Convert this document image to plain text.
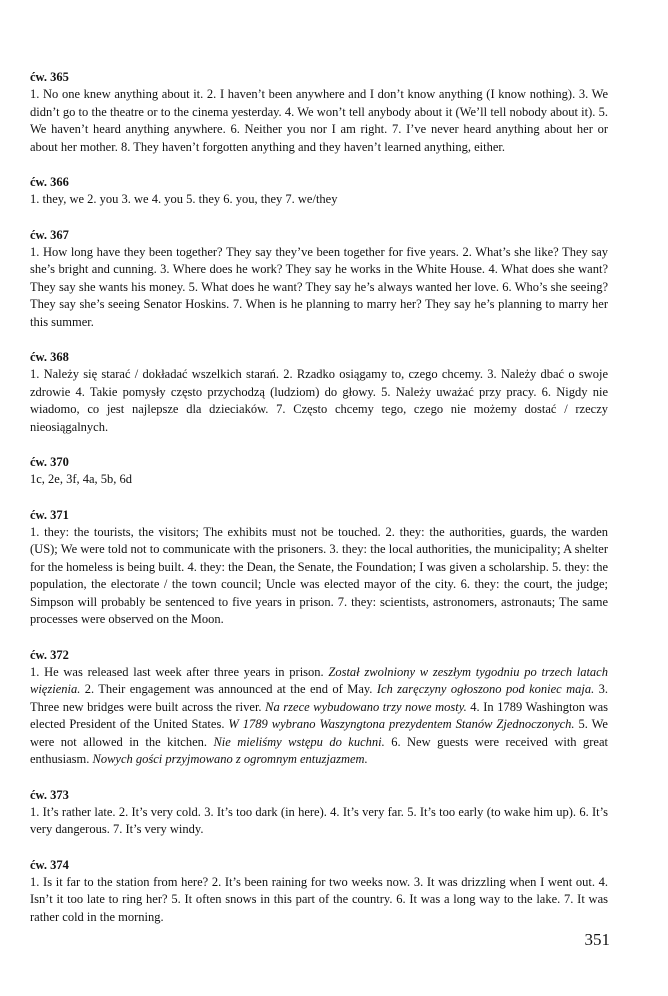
ćw. 365
1. No one knew anything about it. 2. I haven’t been anywhere and I don’t know anything (I know nothing). 3. We didn’t go to the theatre or to the cinema yesterday. 4. We won’t tell anybody about it (We’ll tell nobody about it). 5. We haven’t heard anything anywhere. 6. Neither you nor I am right. 7. I’ve never heard anything about her or about her mother. 8. They haven’t forgotten anything and they haven’t learned anything, either.
ćw. 366
1. they, we 2. you 3. we 4. you 5. they 6. you, they 7. we/they
ćw. 367
1. How long have they been together? They say they’ve been together for five years. 2. What’s she like? They say she’s bright and cunning. 3. Where does he work? They say he works in the White House. 4. What does she want? They say she wants his money. 5. What does he want? They say he’s always wanted her love. 6. Who’s she seeing? They say she’s seeing Senator Hoskins. 7. When is he planning to marry her? They say he’s planning to marry her this summer.
ćw. 368
1. Należy się starać / dokładać wszelkich starań. 2. Rzadko osiągamy to, czego chcemy. 3. Należy dbać o swoje zdrowie 4. Takie pomysły często przychodzą (ludziom) do głowy. 5. Należy uważać przy pracy. 6. Nigdy nie wiadomo, co jest najlepsze dla dzieciaków. 7. Często chcemy tego, czego nie możemy dostać / rzeczy nieosiągalnych.
ćw. 370
1c, 2e, 3f, 4a, 5b, 6d
ćw. 371
1. they: the tourists, the visitors; The exhibits must not be touched. 2. they: the authorities, guards, the warden (US); We were told not to communicate with the prisoners. 3. they: the local authorities, the municipality; A shelter for the homeless is being built. 4. they: the Dean, the Senate, the Foundation; I was given a scholarship. 5. they: the population, the electorate / the town council; Uncle was elected mayor of the city. 6. they: the court, the judge; Simpson will probably be sentenced to five years in prison. 7. they: scientists, astronomers, astronauts; The same processes were observed on the Moon.
ćw. 372
1. He was released last week after three years in prison. Został zwolniony w zeszłym tygodniu po trzech latach więzienia. 2. Their engagement was announced at the end of May. Ich zaręczyny ogłoszono pod koniec maja. 3. Three new bridges were built across the river. Na rzece wybudowano trzy nowe mosty. 4. In 1789 Washington was elected President of the United States. W 1789 wybrano Waszyngtona prezydentem Stanów Zjednoczonych. 5. We were not allowed in the kitchen. Nie mieliśmy wstępu do kuchni. 6. New guests were received with great enthusiasm. Nowych gości przyjmowano z ogromnym entuzjazmem.
ćw. 373
1. It’s rather late. 2. It’s very cold. 3. It’s too dark (in here). 4. It’s very far. 5. It’s too early (to wake him up). 6. It’s very dangerous. 7. It’s very windy.
ćw. 374
1. Is it far to the station from here? 2. It’s been raining for two weeks now. 3. It was drizzling when I went out. 4. Isn’t it too late to ring her? 5. It often snows in this part of the country. 6. It was a long way to the lake. 7. It was rather cold in the morning.
351
